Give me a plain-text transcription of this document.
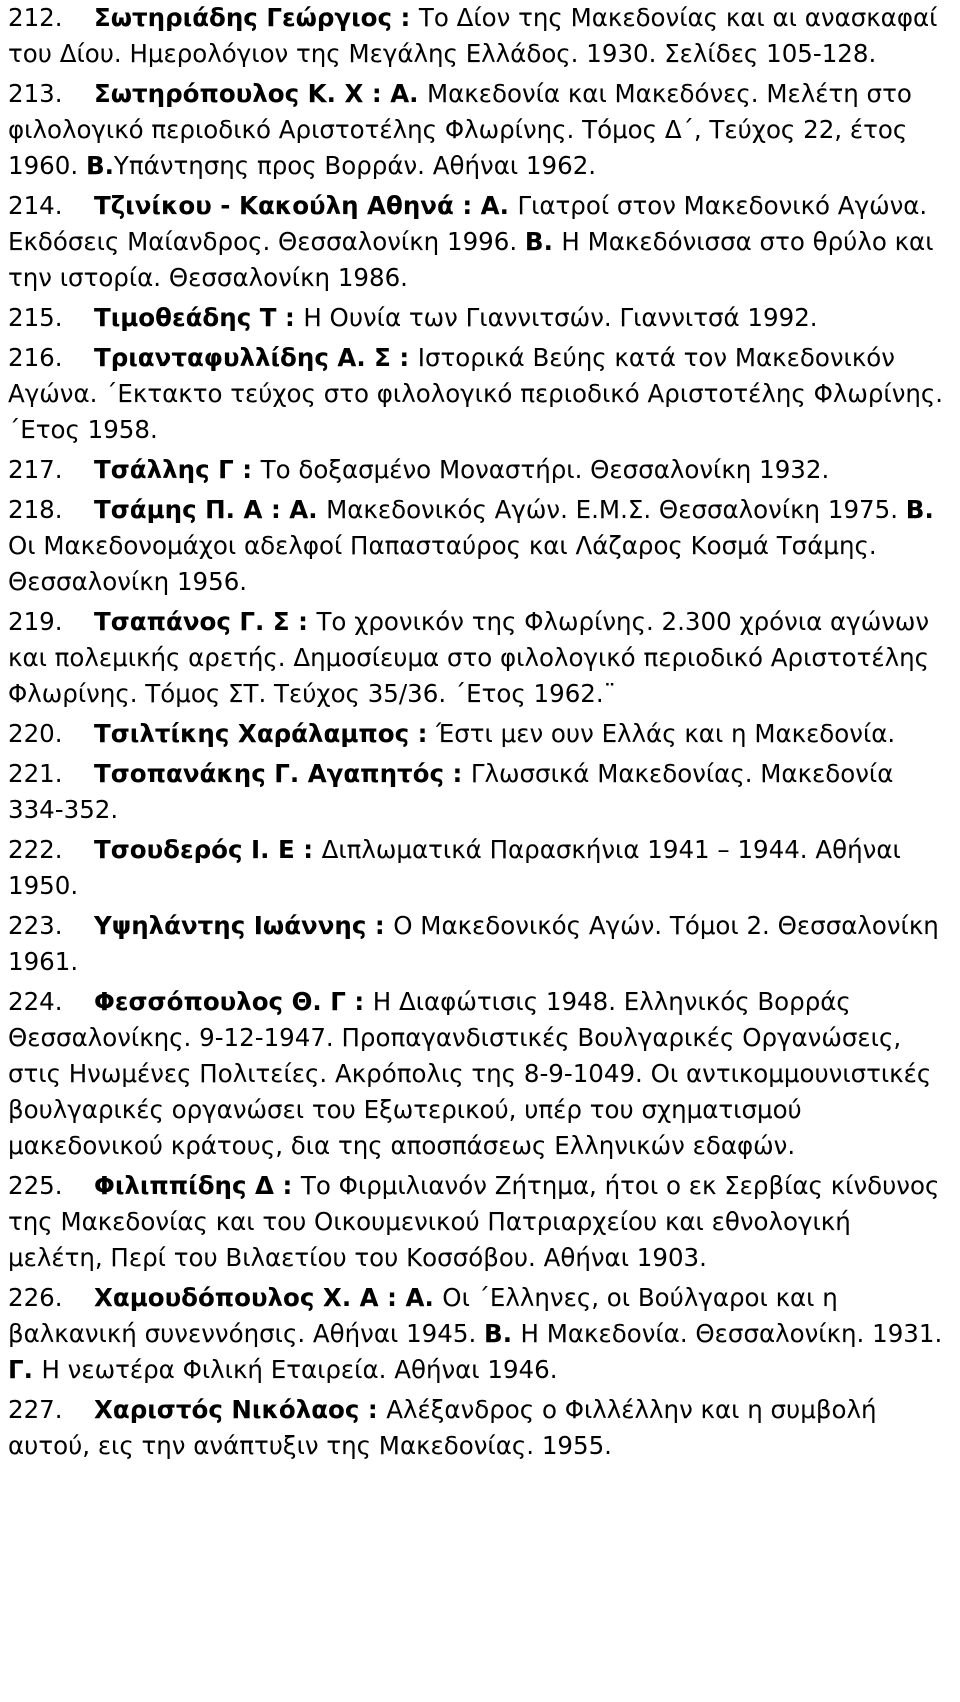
212.Σωτηριάδης Γεώργιος : Το Δίον της Μακεδονίας και αι ανασκαφαί του Δίου. Ημερολόγιον της Μεγάλης Ελλάδος. 1930. Σελίδες 105-128.
213.Σωτηρόπουλος Κ. Χ : Α. Μακεδονία και Μακεδόνες. Μελέτη στο φιλολογικό περιοδικό Αριστοτέλης Φλωρίνης. Τόμος Δ΄, Τεύχος 22, έτος 1960. Β.Υπάντησης προς Βορράν. Αθήναι 1962.
214.Τζινίκου - Κακούλη Αθηνά : Α. Γιατροί στον Μακεδονικό Αγώνα. Εκδόσεις Μαίανδρος. Θεσσαλονίκη 1996. Β. Η Μακεδόνισσα στο θρύλο και την ιστορία. Θεσσαλονίκη 1986.
215.Τιμοθεάδης Τ : Η Ουνία των Γιαννιτσών. Γιαννιτσά 1992.
216.Τριανταφυλλίδης Α. Σ : Ιστορικά Βεύης κατά τον Μακεδονικόν Αγώνα. ΄Εκτακτο τεύχος στο φιλολογικό περιοδικό Αριστοτέλης Φλωρίνης. ΄Ετος 1958.
217.Τσάλλης Γ : Το δοξασμένο Μοναστήρι. Θεσσαλονίκη 1932.
218.Τσάμης Π. Α : Α. Μακεδονικός Αγών. Ε.Μ.Σ. Θεσσαλονίκη 1975. Β. Οι Μακεδονομάχοι αδελφοί Παπασταύρος και Λάζαρος Κοσμά Τσάμης. Θεσσαλονίκη 1956.
219.Τσαπάνος Γ. Σ : Το χρονικόν της Φλωρίνης. 2.300 χρόνια αγώνων και πολεμικής αρετής. Δημοσίευμα στο φιλολογικό περιοδικό Αριστοτέλης Φλωρίνης. Τόμος ΣΤ. Τεύχος 35/36. ΄Ετος 1962.¨
220.Τσιλτίκης Χαράλαμπος : Έστι μεν ουν Ελλάς και η Μακεδονία.
221.Τσοπανάκης Γ. Αγαπητός : Γλωσσικά Μακεδονίας. Μακεδονία 334-352.
222.Τσουδερός Ι. Ε : Διπλωματικά Παρασκήνια 1941 – 1944. Αθήναι 1950.
223.Υψηλάντης Ιωάννης : Ο Μακεδονικός Αγών. Τόμοι 2. Θεσσαλονίκη 1961.
224.Φεσσόπουλος Θ. Γ : Η Διαφώτισις 1948. Ελληνικός Βορράς Θεσσαλονίκης. 9-12-1947. Προπαγανδιστικές Βουλγαρικές Οργανώσεις, στις Ηνωμένες Πολιτείες. Ακρόπολις της 8-9-1049. Οι αντικομμουνιστικές βουλγαρικές οργανώσει του Εξωτερικού, υπέρ του σχηματισμού μακεδονικού κράτους, δια της αποσπάσεως Ελληνικών εδαφών.
225.Φιλιππίδης Δ : Το Φιρμιλιανόν Ζήτημα, ήτοι ο εκ Σερβίας κίνδυνος της Μακεδονίας και του Οικουμενικού Πατριαρχείου και εθνολογική μελέτη, Περί του Βιλαετίου του Κοσσόβου. Αθήναι 1903.
226.Χαμουδόπουλος Χ. Α : Α. Οι ΄Ελληνες, οι Βούλγαροι και η βαλκανική συνεννόησις. Αθήναι 1945. Β. Η Μακεδονία. Θεσσαλονίκη. 1931. Γ. Η νεωτέρα Φιλική Εταιρεία. Αθήναι 1946.
227.Χαριστός Νικόλαος : Αλέξανδρος ο Φιλλέλλην και η συμβολή αυτού, εις την ανάπτυξιν της Μακεδονίας. 1955.
